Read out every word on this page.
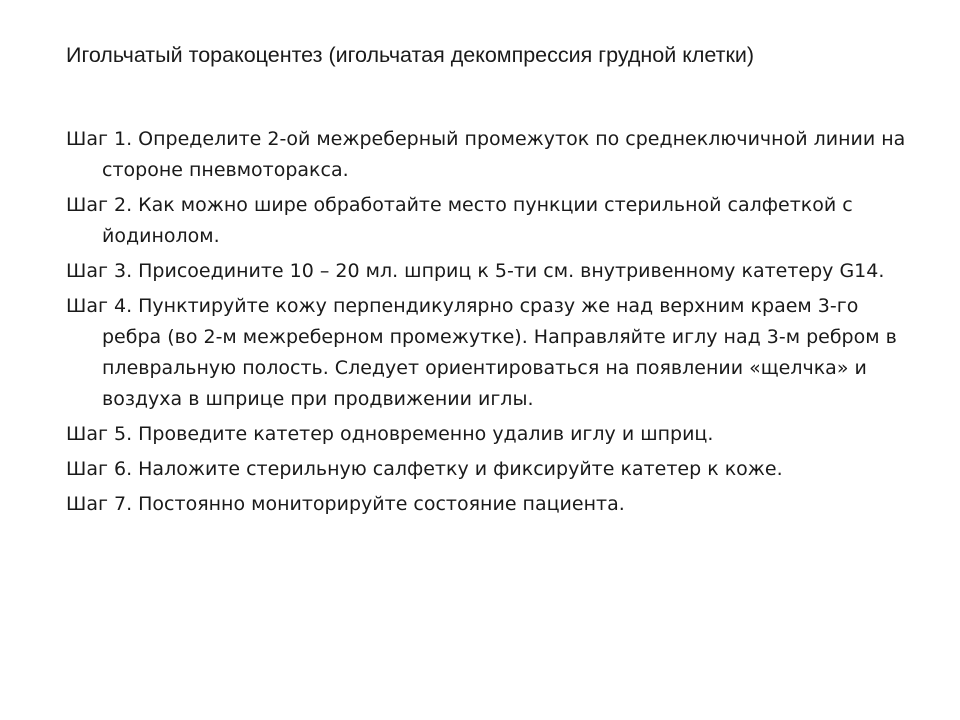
Игольчатый торакоцентез (игольчатая декомпрессия грудной клетки)
Шаг 1. Определите 2-ой межреберный промежуток по среднеключичной линии на стороне пневмоторакса.
Шаг 2. Как можно шире обработайте место пункции стерильной салфеткой с йодинолом.
Шаг 3. Присоедините 10 – 20 мл. шприц к 5-ти см. внутривенному катетеру G14.
Шаг 4. Пунктируйте кожу перпендикулярно сразу же над верхним краем 3-го ребра (во 2-м межреберном промежутке). Направляйте иглу над 3-м ребром в плевральную полость. Следует ориентироваться на появлении «щелчка» и воздуха в шприце при продвижении иглы.
Шаг 5. Проведите катетер одновременно удалив иглу и шприц.
Шаг 6. Наложите стерильную салфетку и фиксируйте катетер к коже.
Шаг 7. Постоянно мониторируйте состояние пациента.
